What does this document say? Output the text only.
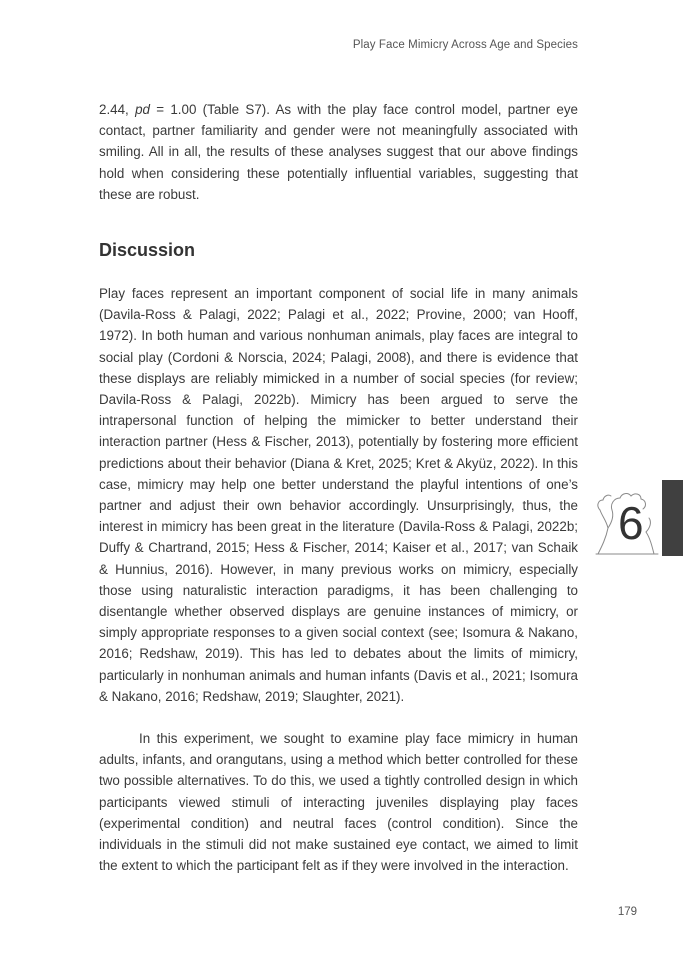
Play Face Mimicry Across Age and Species

2.44, pd = 1.00 (Table S7). As with the play face control model, partner eye contact, partner familiarity and gender were not meaningfully associated with smiling. All in all, the results of these analyses suggest that our above findings hold when considering these potentially influential variables, suggesting that these are robust.

Discussion

Play faces represent an important component of social life in many animals (Davila-Ross & Palagi, 2022; Palagi et al., 2022; Provine, 2000; van Hooff, 1972). In both human and various nonhuman animals, play faces are integral to social play (Cordoni & Norscia, 2024; Palagi, 2008), and there is evidence that these displays are reliably mimicked in a number of social species (for review; Davila-Ross & Palagi, 2022b). Mimicry has been argued to serve the intrapersonal function of helping the mimicker to better understand their interaction partner (Hess & Fischer, 2013), potentially by fostering more efficient predictions about their behavior (Diana & Kret, 2025; Kret & Akyüz, 2022). In this case, mimicry may help one better understand the playful intentions of one’s partner and adjust their own behavior accordingly. Unsurprisingly, thus, the interest in mimicry has been great in the literature (Davila-Ross & Palagi, 2022b; Duffy & Chartrand, 2015; Hess & Fischer, 2014; Kaiser et al., 2017; van Schaik & Hunnius, 2016). However, in many previous works on mimicry, especially those using naturalistic interaction paradigms, it has been challenging to disentangle whether observed displays are genuine instances of mimicry, or simply appropriate responses to a given social context (see; Isomura & Nakano, 2016; Redshaw, 2019). This has led to debates about the limits of mimicry, particularly in nonhuman animals and human infants (Davis et al., 2021; Isomura & Nakano, 2016; Redshaw, 2019; Slaughter, 2021).

In this experiment, we sought to examine play face mimicry in human adults, infants, and orangutans, using a method which better controlled for these two possible alternatives. To do this, we used a tightly controlled design in which participants viewed stimuli of interacting juveniles displaying play faces (experimental condition) and neutral faces (control condition). Since the individuals in the stimuli did not make sustained eye contact, we aimed to limit the extent to which the participant felt as if they were involved in the interaction.

6
179
